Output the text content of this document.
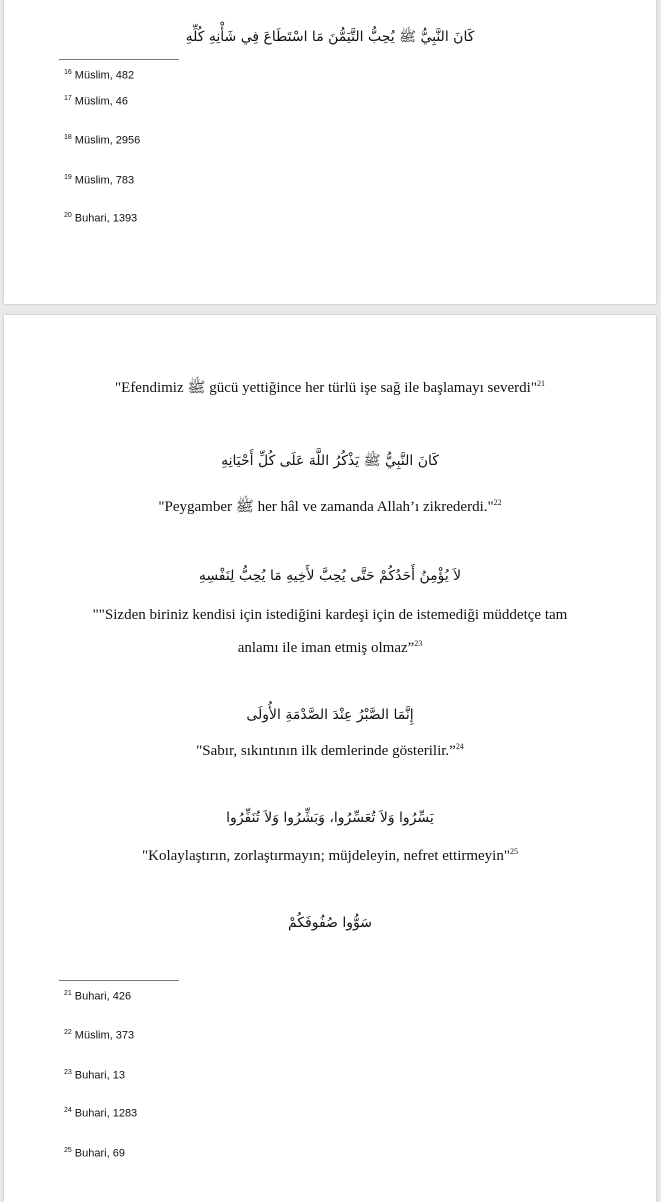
كَانَ النَّبِيُّ ﷺ يُحِبُّ التَّيَمُّنَ مَا اسْتَطَاعَ فِي شَأْنِهِ كُلِّهِ
$^{16}$ Müslim, 482
$^{17}$ Müslim, 46
$^{18}$ Müslim, 2956
$^{19}$ Müslim, 783
$^{20}$ Buhari, 1393
"Efendimiz ﷺ gücü yettiğince her türlü işe sağ ile başlamayı severdi"$^{21}$
كَانَ النَّبِيُّ ﷺ يَذْكُرُ اللَّهَ عَلَى كُلِّ أَحْيَانِهِ
"Peygamber ﷺ her hâl ve zamanda Allah’ı zikrederdi."$^{22}$
لاَ يُؤْمِنُ أَحَدُكُمْ حَتَّى يُحِبَّ لأَخِيهِ مَا يُحِبُّ لِنَفْسِهِ
""Sizden biriniz kendisi için istediğini kardeşi için de istemediği müddetçe tam
anlamı ile iman etmiş olmaz”$^{23}$
إِنَّمَا الصَّبْرُ عِنْدَ الصَّدْمَةِ الأُولَى
"Sabır, sıkıntının ilk demlerinde gösterilir.”$^{24}$
يَسِّرُوا وَلاَ تُعَسِّرُوا، وَبَشِّرُوا وَلاَ تُنَفِّرُوا
"Kolaylaştırın, zorlaştırmayın; müjdeleyin, nefret ettirmeyin"$^{25}$
سَوُّوا صُفُوفَكُمْ
$^{21}$ Buhari, 426
$^{22}$ Müslim, 373
$^{23}$ Buhari, 13
$^{24}$ Buhari, 1283
$^{25}$ Buhari, 69
